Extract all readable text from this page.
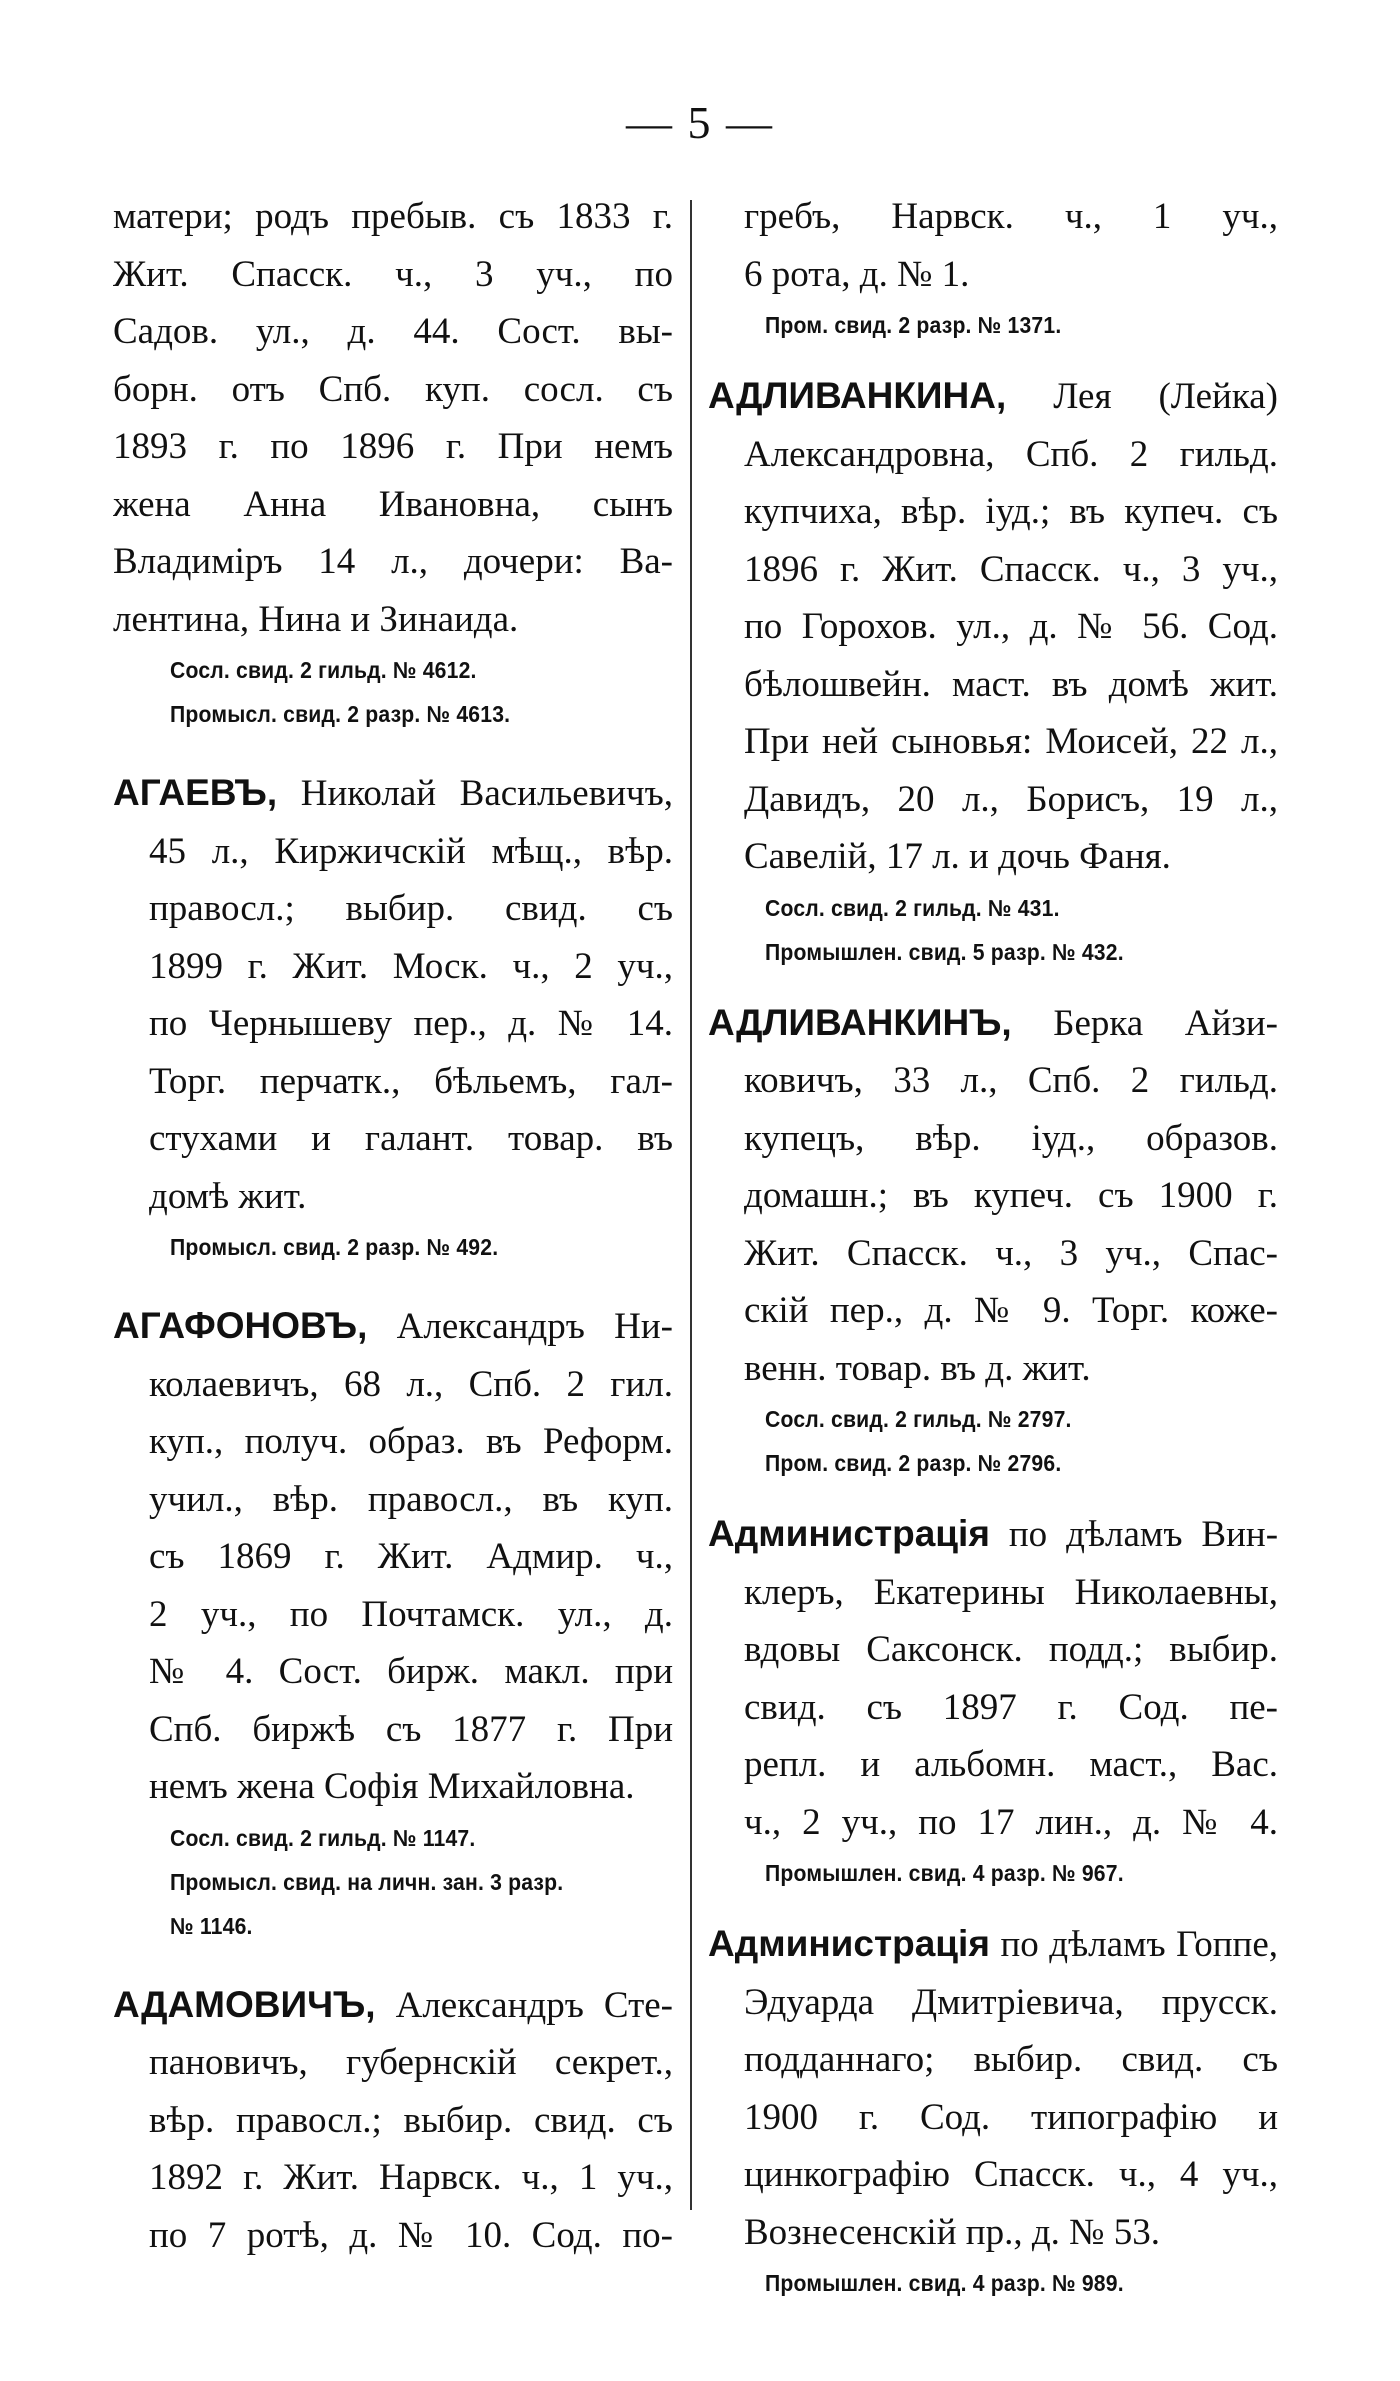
— 5 —
матери; родъ пребыв. съ 1833 г.
Жит. Спасск. ч., 3 уч., по
Садов. ул., д. 44. Сост. вы-
борн. отъ Спб. куп. сосл. съ
1893 г. по 1896 г. При немъ
жена Анна Ивановна, сынъ
Владиміръ 14 л., дочери: Ва-
лентина, Нина и Зинаида.
Сосл. свид. 2 гильд. № 4612.
Промысл. свид. 2 разр. № 4613.
АГАЕВЪ, Николай Васильевичъ,
45 л., Киржичскій мѣщ., вѣр.
правосл.; выбир. свид. съ
1899 г. Жит. Моск. ч., 2 уч.,
по Чернышеву пер., д. № 14.
Торг. перчатк., бѣльемъ, гал-
стухами и галант. товар. въ
домѣ жит.
Промысл. свид. 2 разр. № 492.
АГАФОНОВЪ, Александръ Ни-
колаевичъ, 68 л., Спб. 2 гил.
куп., получ. образ. въ Реформ.
учил., вѣр. правосл., въ куп.
съ 1869 г. Жит. Адмир. ч.,
2 уч., по Почтамск. ул., д.
№ 4. Сост. бирж. макл. при
Спб. биржѣ съ 1877 г. При
немъ жена Софія Михайловна.
Сосл. свид. 2 гильд. № 1147.
Промысл. свид. на личн. зан. 3 разр.
№ 1146.
АДАМОВИЧЪ, Александръ Сте-
пановичъ, губернскій секрет.,
вѣр. правосл.; выбир. свид. съ
1892 г. Жит. Нарвск. ч., 1 уч.,
по 7 ротѣ, д. № 10. Сод. по-
гребъ, Нарвск. ч., 1 уч.,
6 рота, д. № 1.
Пром. свид. 2 разр. № 1371.
АДЛИВАНКИНА, Лея (Лейка)
Александровна, Спб. 2 гильд.
купчиха, вѣр. іуд.; въ купеч. съ
1896 г. Жит. Спасск. ч., 3 уч.,
по Горохов. ул., д. № 56. Сод.
бѣлошвейн. маст. въ домѣ жит.
При ней сыновья: Моисей, 22 л.,
Давидъ, 20 л., Борисъ, 19 л.,
Савелій, 17 л. и дочь Фаня.
Сосл. свид. 2 гильд. № 431.
Промышлен. свид. 5 разр. № 432.
АДЛИВАНКИНЪ, Берка Айзи-
ковичъ, 33 л., Спб. 2 гильд.
купецъ, вѣр. іуд., образов.
домашн.; въ купеч. съ 1900 г.
Жит. Спасск. ч., 3 уч., Спас-
скій пер., д. № 9. Торг. коже-
венн. товар. въ д. жит.
Сосл. свид. 2 гильд. № 2797.
Пром. свид. 2 разр. № 2796.
Администрація по дѣламъ Вин-
клеръ, Екатерины Николаевны,
вдовы Саксонск. подд.; выбир.
свид. съ 1897 г. Сод. пе-
репл. и альбомн. маст., Вас.
ч., 2 уч., по 17 лин., д. № 4.
Промышлен. свид. 4 разр. № 967.
Администрація по дѣламъ Гоппе,
Эдуарда Дмитріевича, прусск.
подданнаго; выбир. свид. съ
1900 г. Сод. типографію и
цинкографію Спасск. ч., 4 уч.,
Вознесенскій пр., д. № 53.
Промышлен. свид. 4 разр. № 989.
